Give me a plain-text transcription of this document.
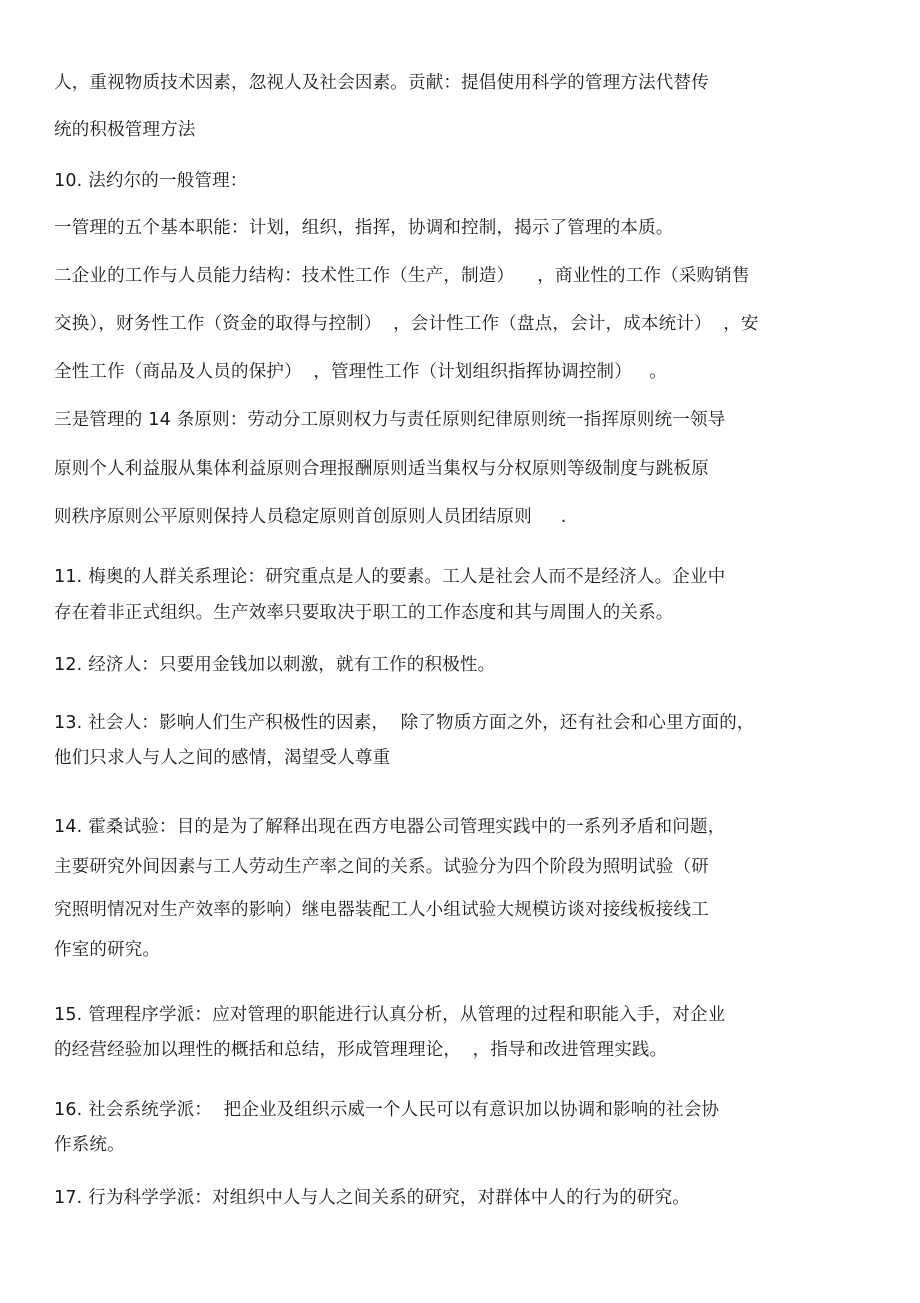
人，重视物质技术因素，忽视人及社会因素。贡献：提倡使用科学的管理方法代替传
统的积极管理方法
10. 法约尔的一般管理：
一管理的五个基本职能：计划，组织，指挥，协调和控制，揭示了管理的本质。
二企业的工作与人员能力结构：技术性工作（生产，制造）    ，商业性的工作（采购销售
交换），财务性工作（资金的取得与控制）  ，会计性工作（盘点，会计，成本统计）  ，安
全性工作（商品及人员的保护）  ，管理性工作（计划组织指挥协调控制）   。
三是管理的 14 条原则：劳动分工原则权力与责任原则纪律原则统一指挥原则统一领导
原则个人利益服从集体利益原则合理报酬原则适当集权与分权原则等级制度与跳板原
则秩序原则公平原则保持人员稳定原则首创原则人员团结原则     .
11. 梅奥的人群关系理论：研究重点是人的要素。工人是社会人而不是经济人。企业中
存在着非正式组织。生产效率只要取决于职工的工作态度和其与周围人的关系。
12. 经济人：只要用金钱加以刺激，就有工作的积极性。
13. 社会人：影响人们生产积极性的因素，  除了物质方面之外，还有社会和心里方面的，
他们只求人与人之间的感情，渴望受人尊重
14. 霍桑试验：目的是为了解释出现在西方电器公司管理实践中的一系列矛盾和问题，
主要研究外间因素与工人劳动生产率之间的关系。试验分为四个阶段为照明试验（研
究照明情况对生产效率的影响）继电器装配工人小组试验大规模访谈对接线板接线工
作室的研究。
15. 管理程序学派：应对管理的职能进行认真分析，从管理的过程和职能入手，对企业
的经营经验加以理性的概括和总结，形成管理理论，  ，指导和改进管理实践。
16. 社会系统学派：  把企业及组织示威一个人民可以有意识加以协调和影响的社会协
作系统。
17. 行为科学学派：对组织中人与人之间关系的研究，对群体中人的行为的研究。
